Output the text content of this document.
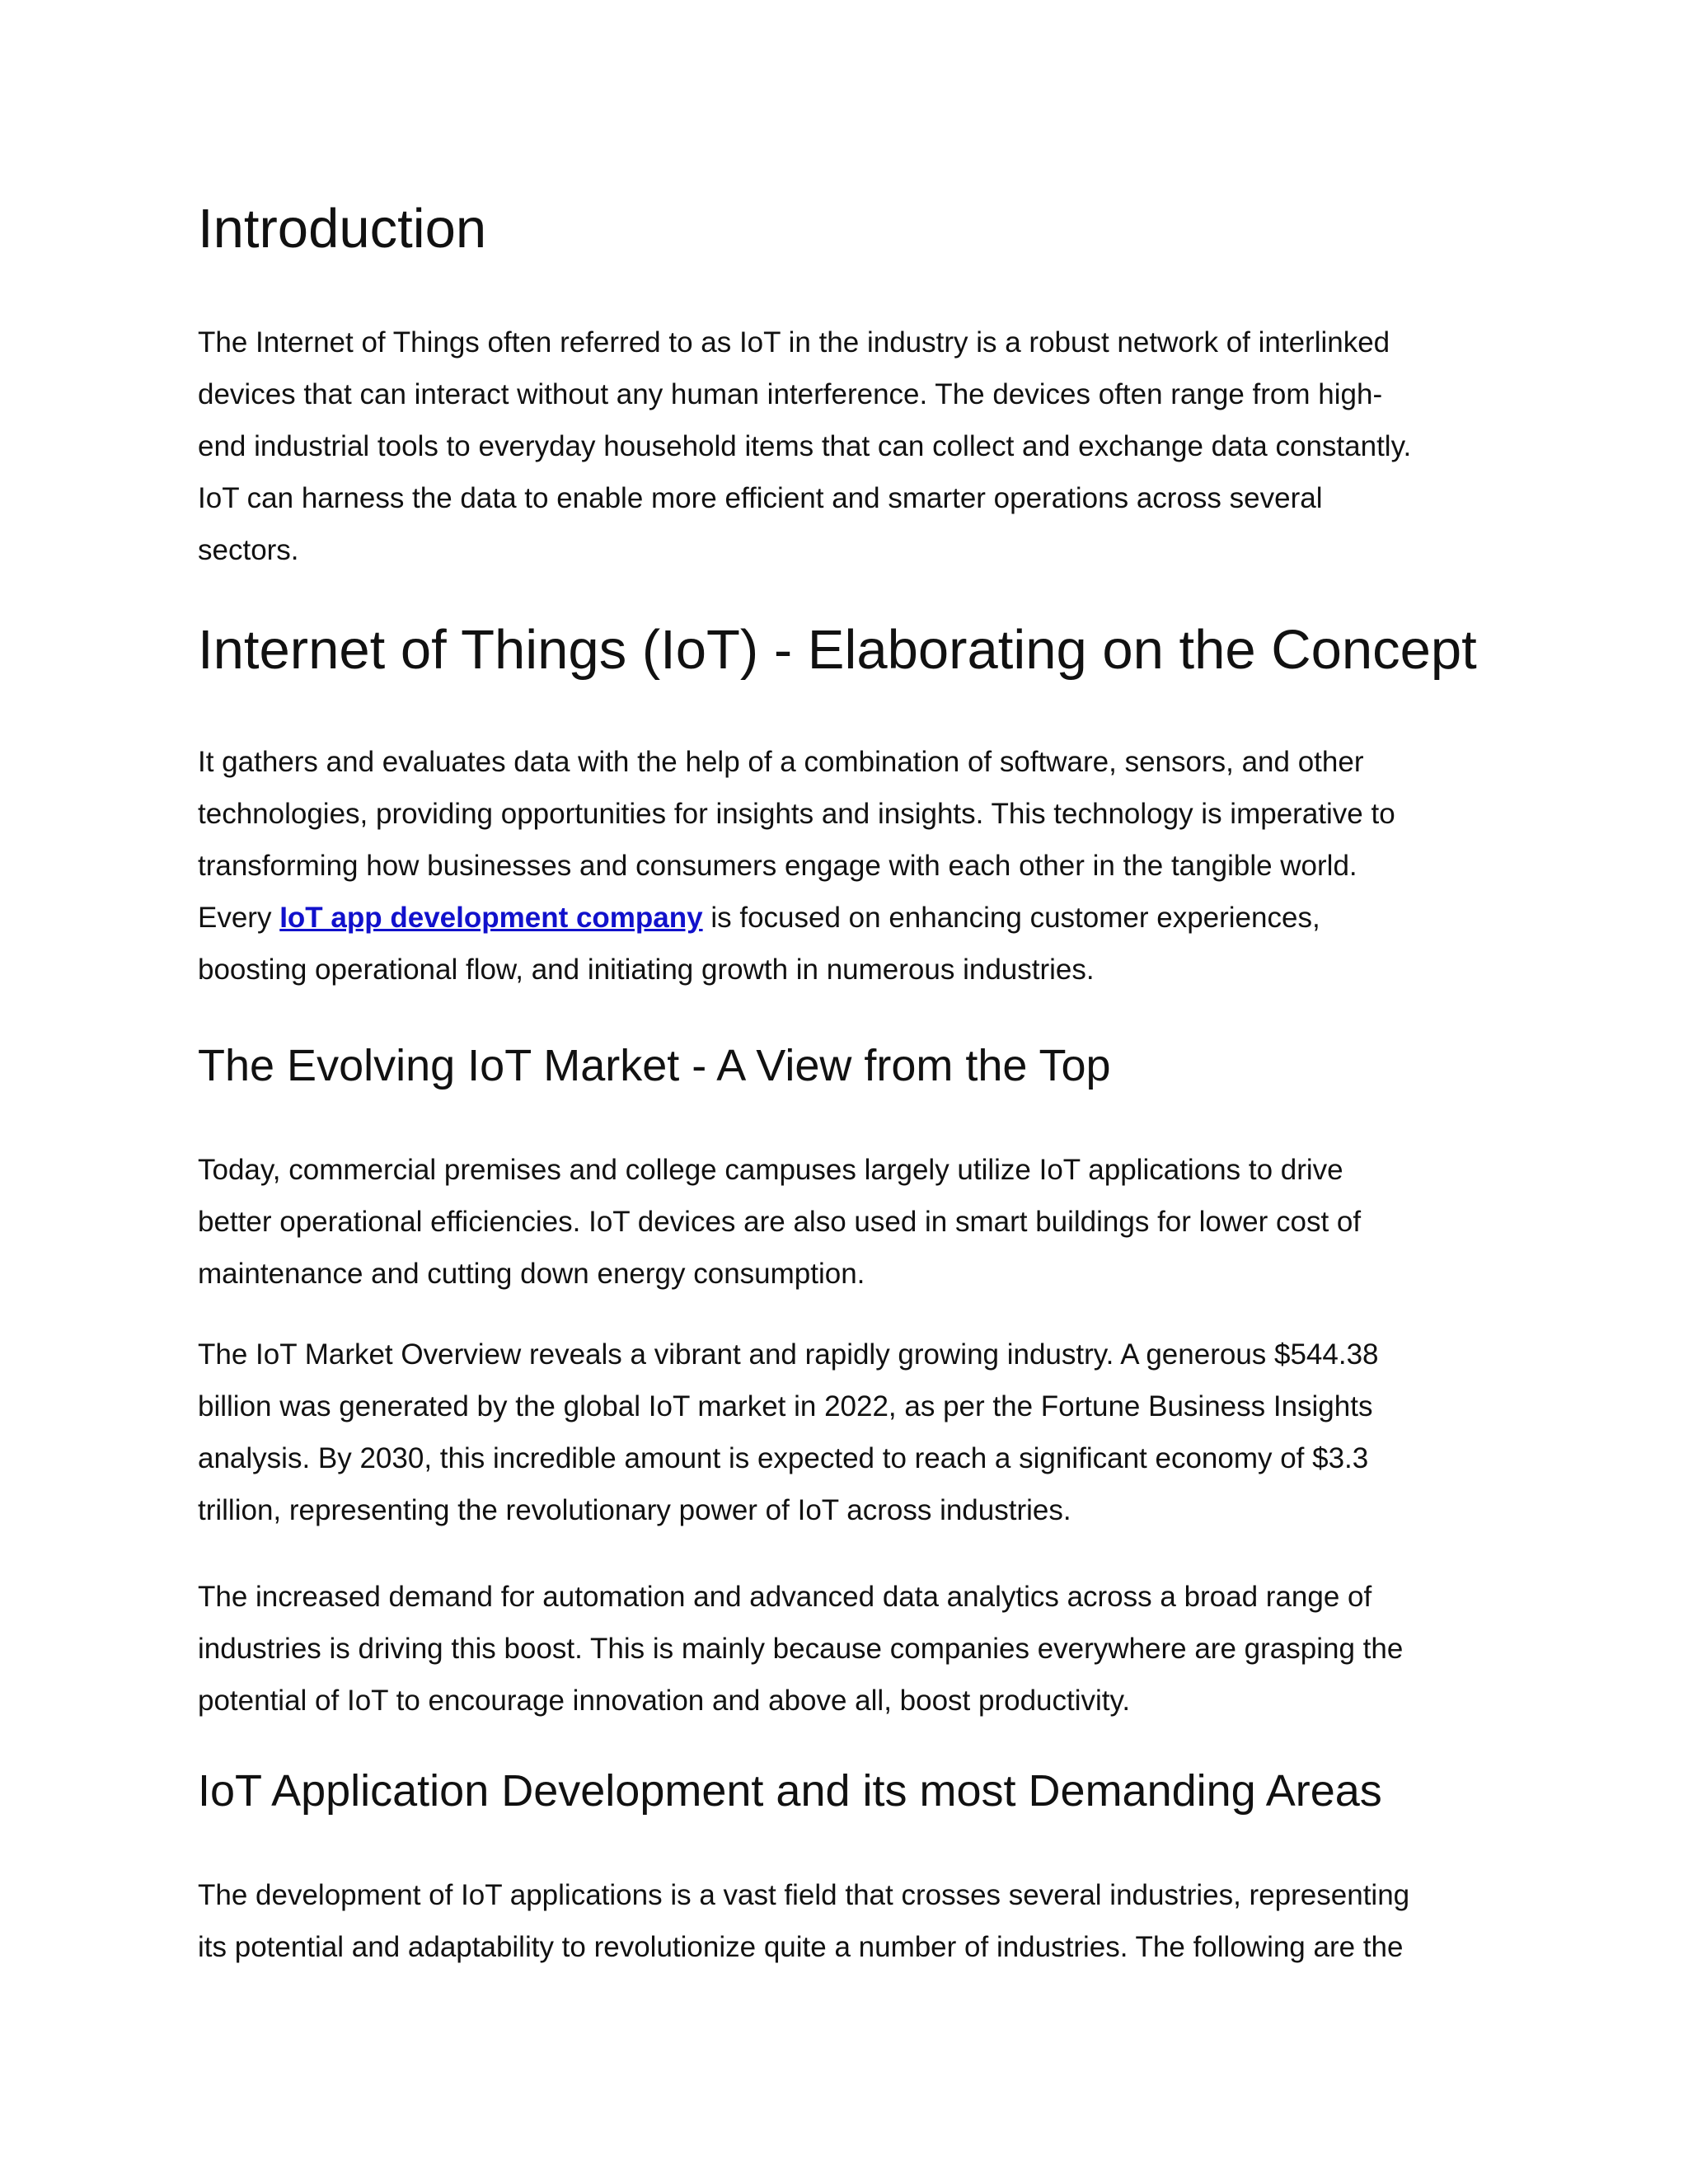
Introduction

The Internet of Things often referred to as IoT in the industry is a robust network of interlinked
devices that can interact without any human interference. The devices often range from high-
end industrial tools to everyday household items that can collect and exchange data constantly.
IoT can harness the data to enable more efficient and smarter operations across several
sectors.

Internet of Things (IoT) - Elaborating on the Concept

It gathers and evaluates data with the help of a combination of software, sensors, and other
technologies, providing opportunities for insights and insights. This technology is imperative to
transforming how businesses and consumers engage with each other in the tangible world.
Every IoT app development company is focused on enhancing customer experiences,
boosting operational flow, and initiating growth in numerous industries.

The Evolving IoT Market - A View from the Top

Today, commercial premises and college campuses largely utilize IoT applications to drive
better operational efficiencies. IoT devices are also used in smart buildings for lower cost of
maintenance and cutting down energy consumption.

The IoT Market Overview reveals a vibrant and rapidly growing industry. A generous $544.38
billion was generated by the global IoT market in 2022, as per the Fortune Business Insights
analysis. By 2030, this incredible amount is expected to reach a significant economy of $3.3
trillion, representing the revolutionary power of IoT across industries.

The increased demand for automation and advanced data analytics across a broad range of
industries is driving this boost. This is mainly because companies everywhere are grasping the
potential of IoT to encourage innovation and above all, boost productivity.

IoT Application Development and its most Demanding Areas

The development of IoT applications is a vast field that crosses several industries, representing
its potential and adaptability to revolutionize quite a number of industries. The following are the
